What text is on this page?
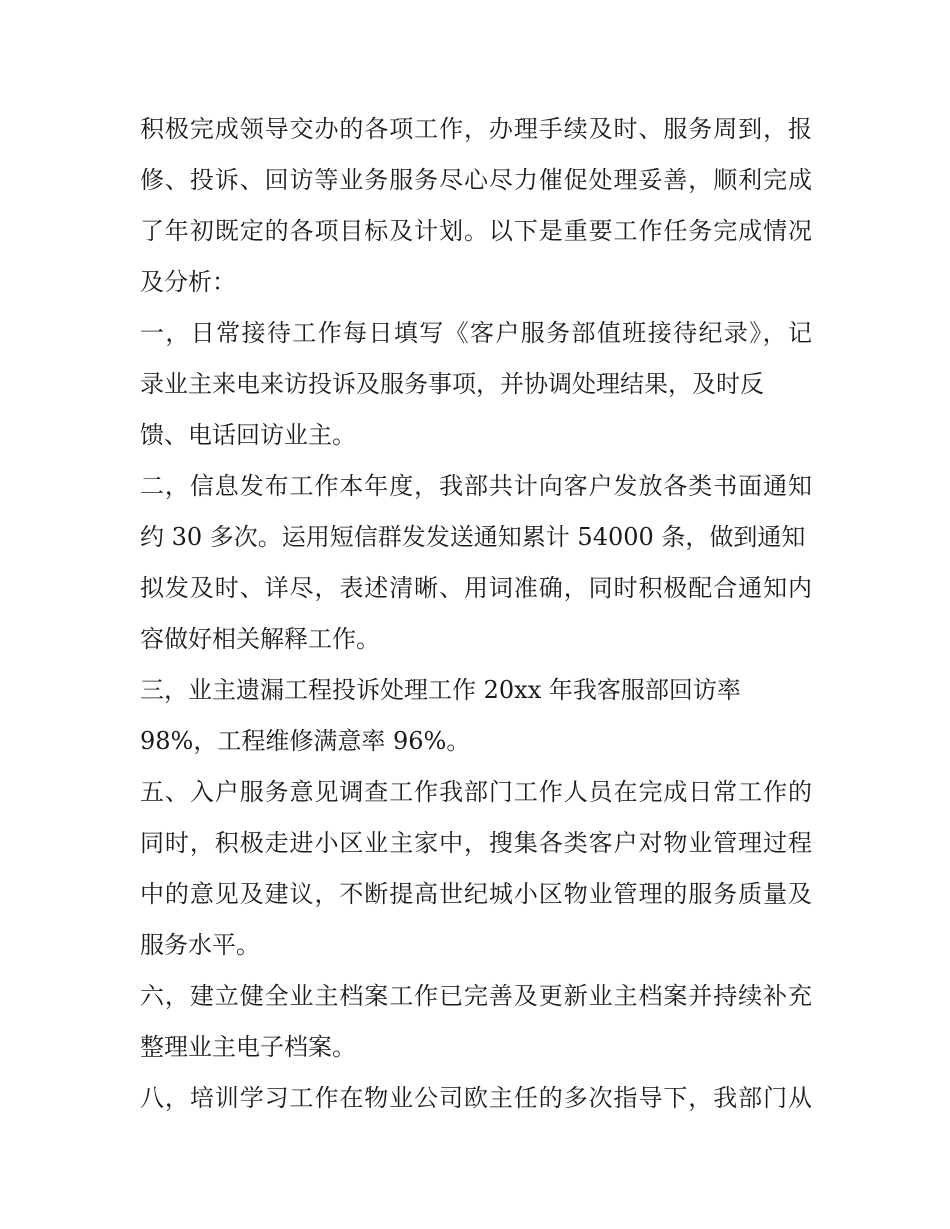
积极完成领导交办的各项工作，办理手续及时、服务周到，报
修、投诉、回访等业务服务尽心尽力催促处理妥善，顺利完成
了年初既定的各项目标及计划。以下是重要工作任务完成情况
及分析：
一，日常接待工作每日填写《客户服务部值班接待纪录》，记
录业主来电来访投诉及服务事项，并协调处理结果，及时反
馈、电话回访业主。
二，信息发布工作本年度，我部共计向客户发放各类书面通知
约 30 多次。运用短信群发发送通知累计 54000 条，做到通知
拟发及时、详尽，表述清晰、用词准确，同时积极配合通知内
容做好相关解释工作。
三，业主遗漏工程投诉处理工作 20xx 年我客服部回访率
98%，工程维修满意率 96%。
五、入户服务意见调查工作我部门工作人员在完成日常工作的
同时，积极走进小区业主家中，搜集各类客户对物业管理过程
中的意见及建议，不断提高世纪城小区物业管理的服务质量及
服务水平。
六，建立健全业主档案工作已完善及更新业主档案并持续补充
整理业主电子档案。
八，培训学习工作在物业公司欧主任的多次指导下，我部门从
